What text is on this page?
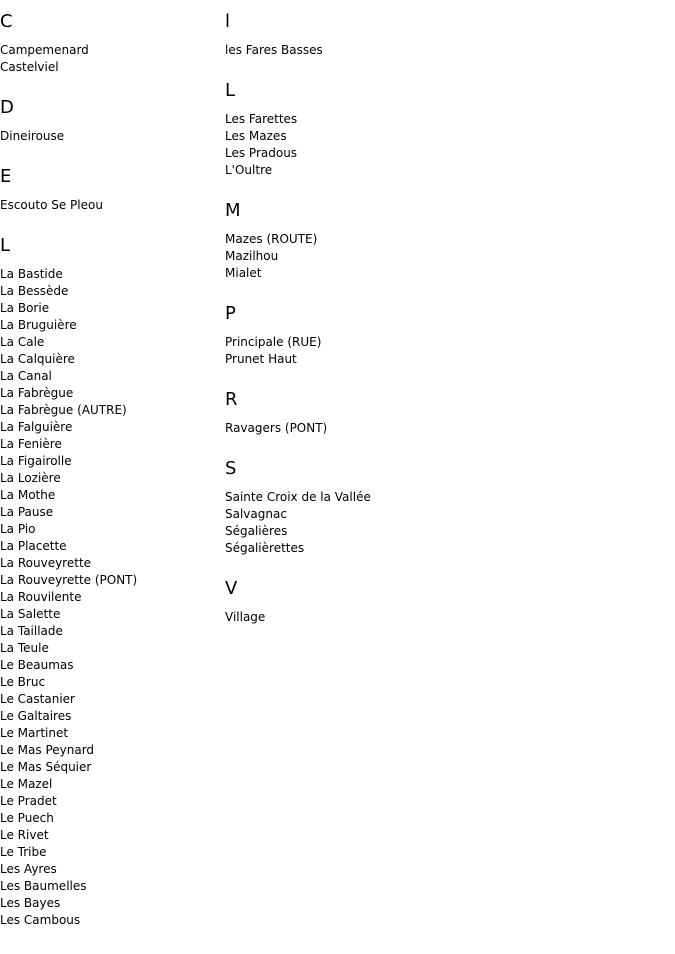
C
Campemenard
Castelviel
D
Dineirouse
E
Escouto Se Pleou
L
La Bastide
La Bessède
La Borie
La Bruguière
La Cale
La Calquière
La Canal
La Fabrègue
La Fabrègue (AUTRE)
La Falguière
La Fenière
La Figairolle
La Lozière
La Mothe
La Pause
La Pio
La Placette
La Rouveyrette
La Rouveyrette (PONT)
La Rouvilente
La Salette
La Taillade
La Teule
Le Beaumas
Le Bruc
Le Castanier
Le Galtaires
Le Martinet
Le Mas Peynard
Le Mas Séquier
Le Mazel
Le Pradet
Le Puech
Le Rivet
Le Tribe
Les Ayres
Les Baumelles
Les Bayes
Les Cambous
l
les Fares Basses
L
Les Farettes
Les Mazes
Les Pradous
L'Oultre
M
Mazes (ROUTE)
Mazilhou
Mialet
P
Principale (RUE)
Prunet Haut
R
Ravagers (PONT)
S
Sainte Croix de la Vallée
Salvagnac
Ségalières
Ségalièrettes
V
Village
